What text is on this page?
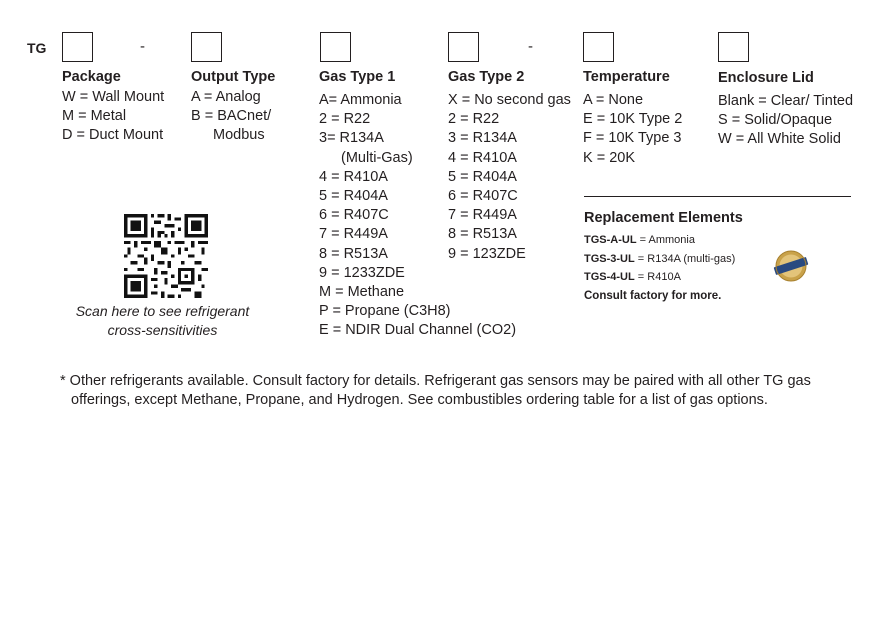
TG	-	-
Package
W = Wall Mount
M = Metal
D = Duct Mount
Output Type
A = Analog
B = BACnet/
Modbus
Gas Type 1
A= Ammonia
2 = R22
3= R134A
(Multi-Gas)
4 = R410A
5 = R404A
6 = R407C
7 = R449A
8 = R513A
9 = 1233ZDE
M = Methane
P = Propane (C3H8)
E = NDIR Dual Channel (CO2)
Gas Type 2
X = No second gas
2 = R22
3 = R134A
4 = R410A
5 = R404A
6 = R407C
7 = R449A
8 = R513A
9 = 123ZDE
Temperature
A = None
E = 10K Type 2
F = 10K Type 3
K = 20K
Enclosure Lid
Blank = Clear/ Tinted
S = Solid/Opaque
W = All White Solid
Scan here to see refrigerant
cross-sensitivities
Replacement Elements
TGS-A-UL = Ammonia
TGS-3-UL = R134A (multi-gas)
TGS-4-UL = R410A
Consult factory for more.
* Other refrigerants available. Consult factory for details. Refrigerant gas sensors may be paired with all other TG gas
offerings, except Methane, Propane, and Hydrogen. See combustibles ordering table for a list of gas options.
